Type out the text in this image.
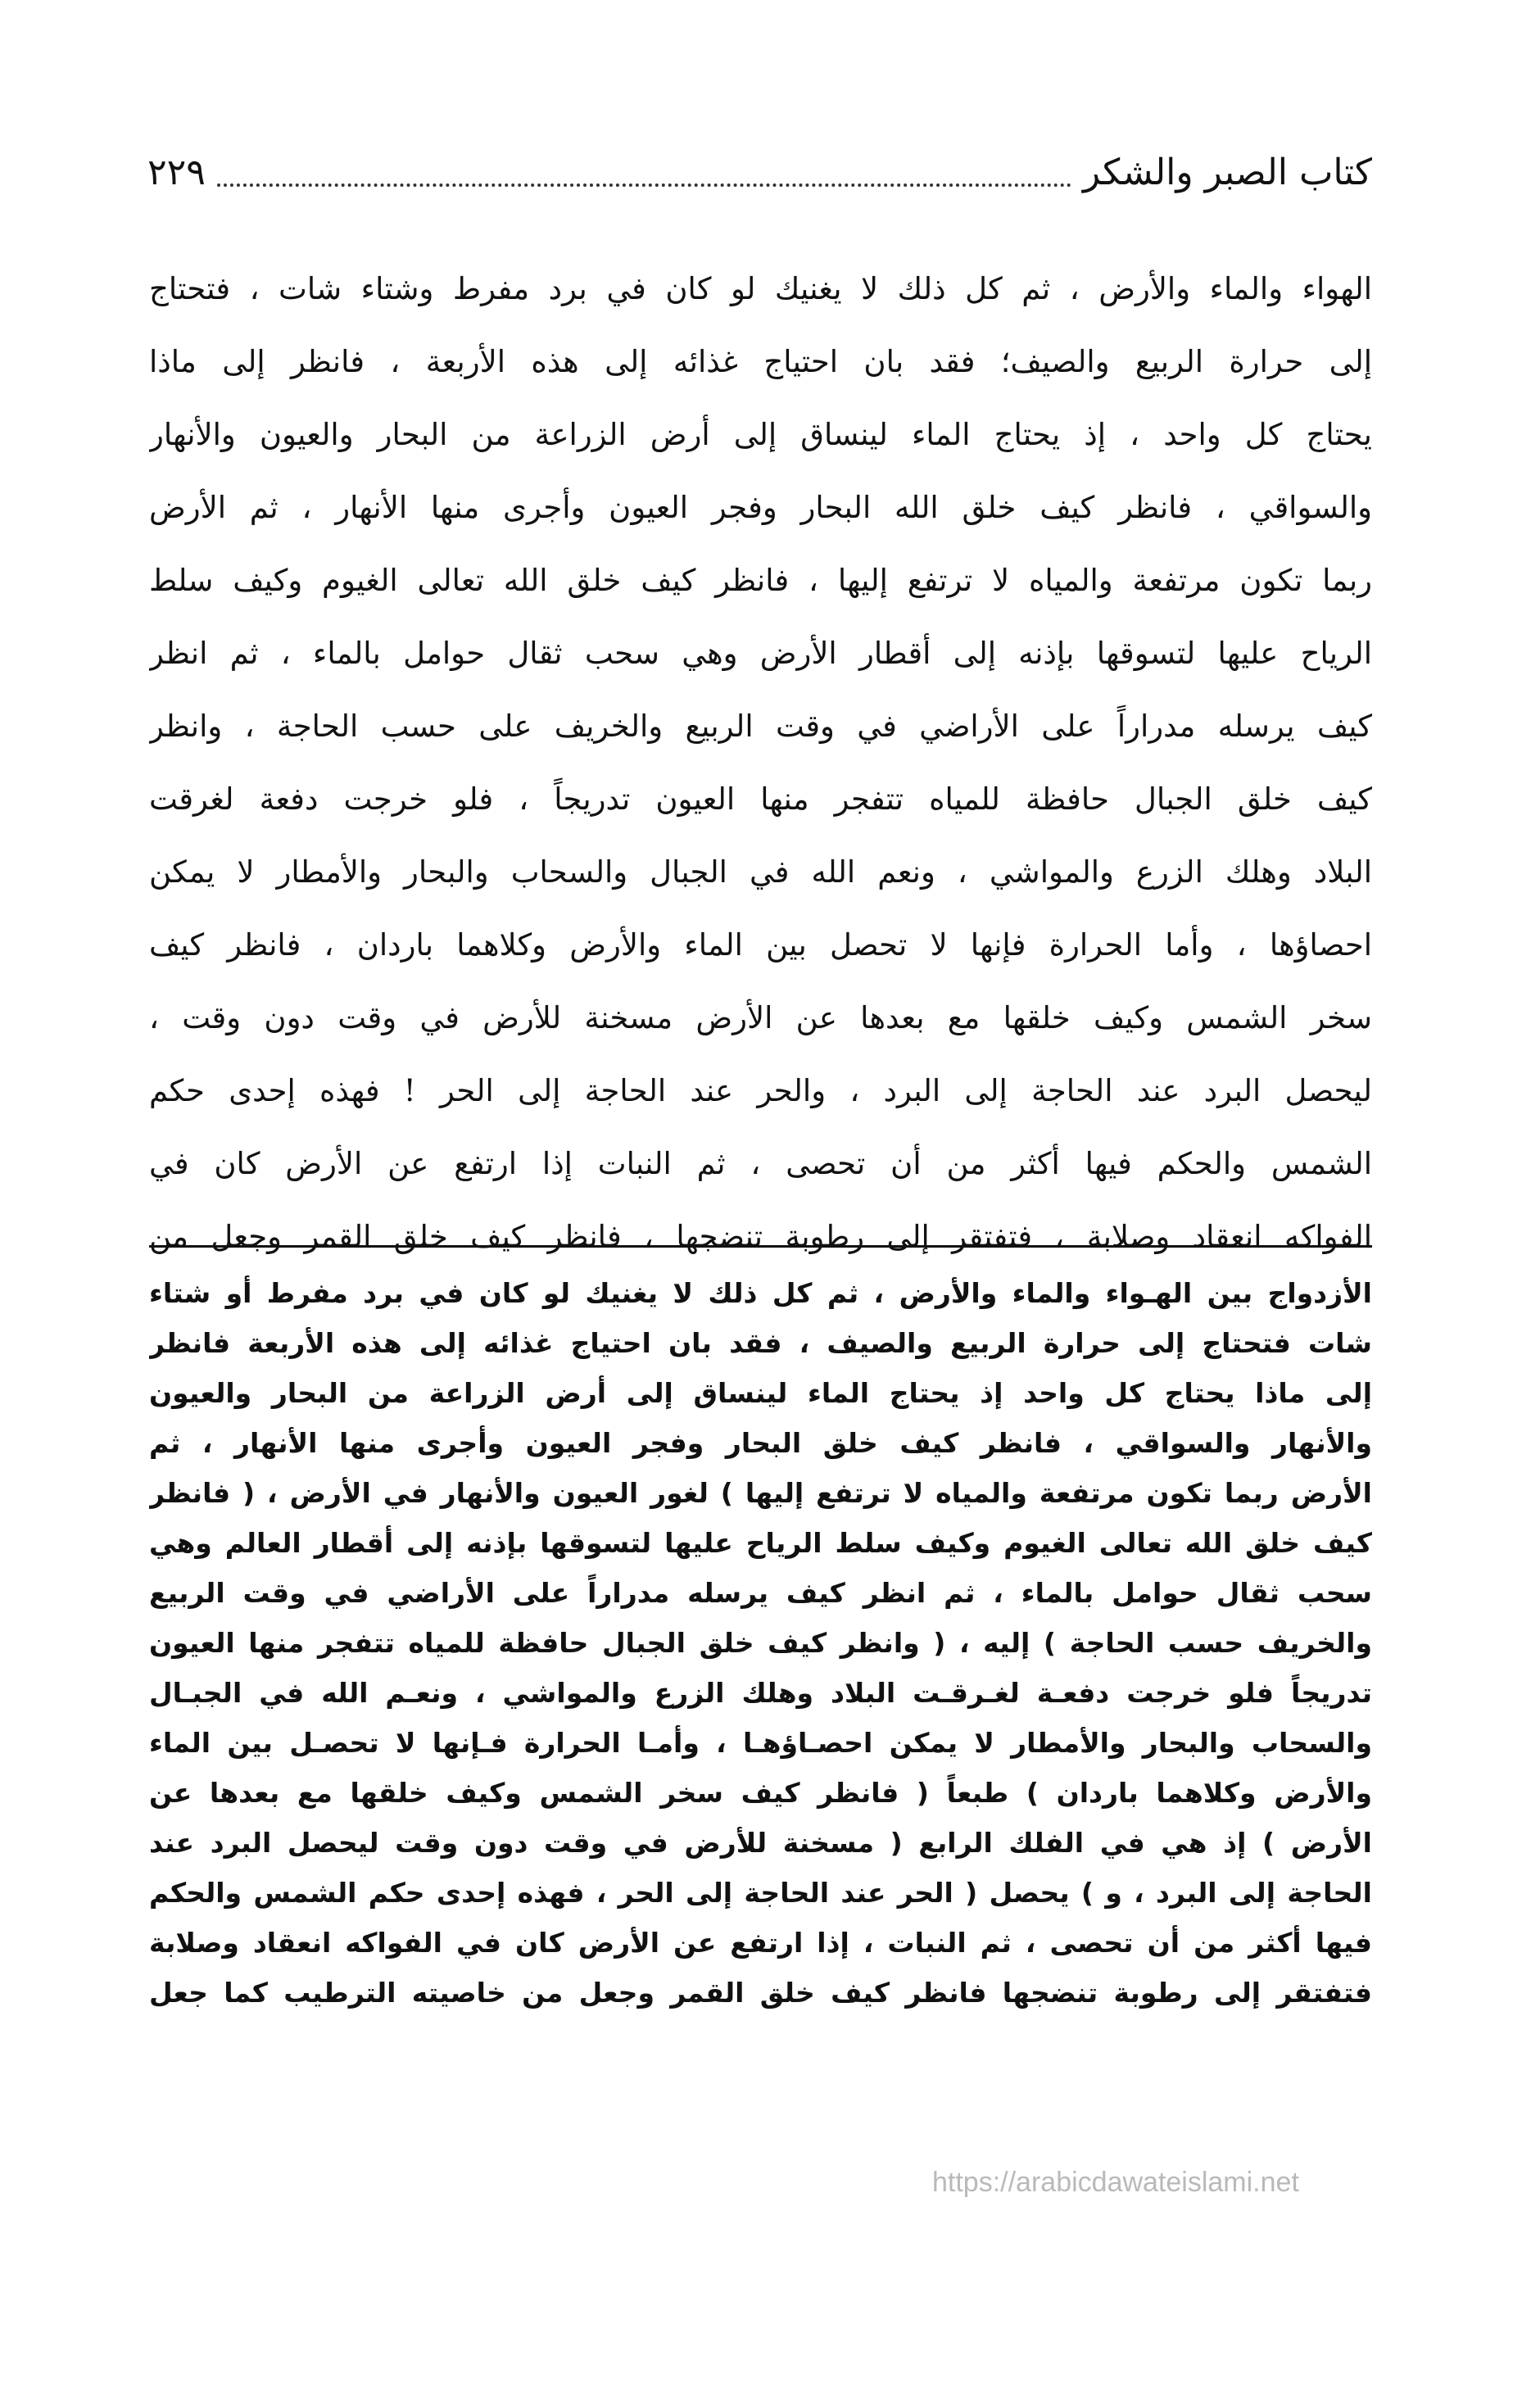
كتاب الصبر والشكر
٢٢٩
الهواء والماء والأرض ، ثم كل ذلك لا يغنيك لو كان في برد مفرط وشتاء شات ، فتحتاج
إلى حرارة الربيع والصيف؛ فقد بان احتياج غذائه إلى هذه الأربعة ، فانظر إلى ماذا
يحتاج كل واحد ، إذ يحتاج الماء لينساق إلى أرض الزراعة من البحار والعيون والأنهار
والسواقي ، فانظر كيف خلق الله البحار وفجر العيون وأجرى منها الأنهار ، ثم الأرض
ربما تكون مرتفعة والمياه لا ترتفع إليها ، فانظر كيف خلق الله تعالى الغيوم وكيف سلط
الرياح عليها لتسوقها بإذنه إلى أقطار الأرض وهي سحب ثقال حوامل بالماء ، ثم انظر
كيف يرسله مدراراً على الأراضي في وقت الربيع والخريف على حسب الحاجة ، وانظر
كيف خلق الجبال حافظة للمياه تتفجر منها العيون تدريجاً ، فلو خرجت دفعة لغرقت
البلاد وهلك الزرع والمواشي ، ونعم الله في الجبال والسحاب والبحار والأمطار لا يمكن
احصاؤها ، وأما الحرارة فإنها لا تحصل بين الماء والأرض وكلاهما باردان ، فانظر كيف
سخر الشمس وكيف خلقها مع بعدها عن الأرض مسخنة للأرض في وقت دون وقت ،
ليحصل البرد عند الحاجة إلى البرد ، والحر عند الحاجة إلى الحر ! فهذه إحدى حكم
الشمس والحكم فيها أكثر من أن تحصى ، ثم النبات إذا ارتفع عن الأرض كان في
الفواكه انعقاد وصلابة ، فتفتقر إلى رطوبة تنضجها ، فانظر كيف خلق القمر وجعل من
الأزدواج بين الهـواء والماء والأرض ، ثم كل ذلك لا يغنيك لو كان في برد مفرط أو شتاء
شات فتحتاج إلى حرارة الربيع والصيف ، فقد بان احتياج غذائه إلى هذه الأربعة فانظر
إلى ماذا يحتاج كل واحد إذ يحتاج الماء لينساق إلى أرض الزراعة من البحار والعيون
والأنهار والسواقي ، فانظر كيف خلق البحار وفجر العيون وأجرى منها الأنهار ، ثم
الأرض ربما تكون مرتفعة والمياه لا ترتفع إليها ) لغور العيون والأنهار في الأرض ، ( فانظر
كيف خلق الله تعالى الغيوم وكيف سلط الرياح عليها لتسوقها بإذنه إلى أقطار العالم وهي
سحب ثقال حوامل بالماء ، ثم انظر كيف يرسله مدراراً على الأراضي في وقت الربيع
والخريف حسب الحاجة ) إليه ، ( وانظر كيف خلق الجبال حافظة للمياه تتفجر منها العيون
تدريجاً فلو خرجت دفعـة لغـرقـت البلاد وهلك الزرع والمواشي ، ونعـم الله في الجبـال
والسحاب والبحار والأمطار لا يمكن احصـاؤهـا ، وأمـا الحرارة فـإنها لا تحصـل بين الماء
والأرض وكلاهما باردان ) طبعاً ( فانظر كيف سخر الشمس وكيف خلقها مع بعدها عن
الأرض ) إذ هي في الفلك الرابع ( مسخنة للأرض في وقت دون وقت ليحصل البرد عند
الحاجة إلى البرد ، و ) يحصل ( الحر عند الحاجة إلى الحر ، فهذه إحدى حكم الشمس والحكم
فيها أكثر من أن تحصى ، ثم النبات ، إذا ارتفع عن الأرض كان في الفواكه انعقاد وصلابة
فتفتقر إلى رطوبة تنضجها فانظر كيف خلق القمر وجعل من خاصيته الترطيب كما جعل
https://arabicdawateislami.net
